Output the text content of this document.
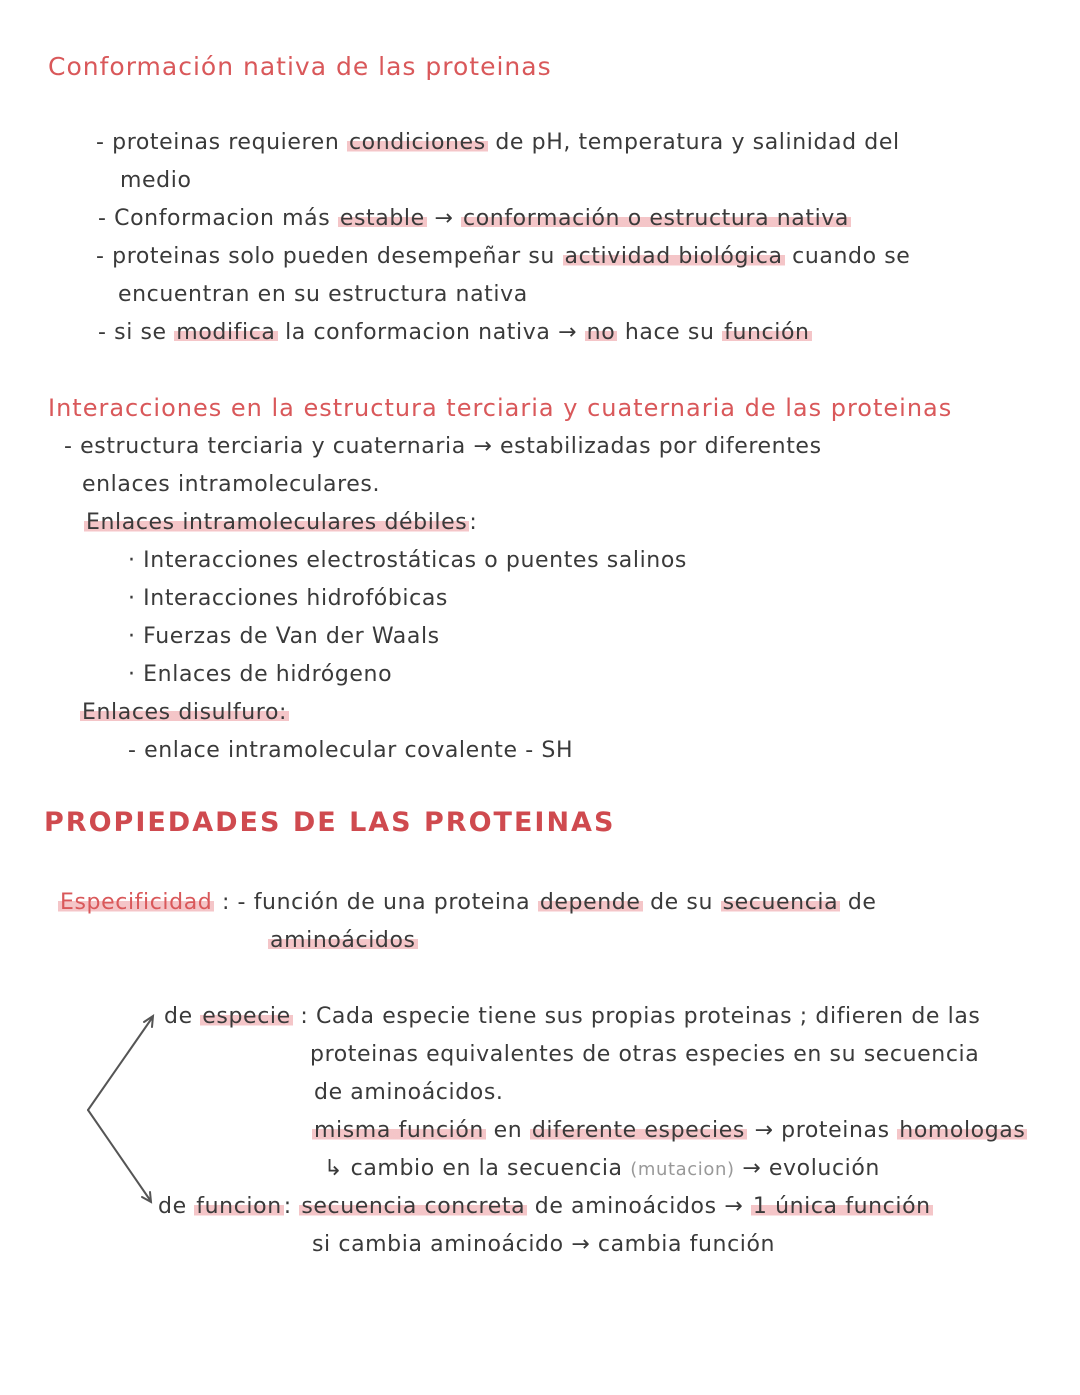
Conformación nativa de las proteinas
- proteinas requieren condiciones de pH, temperatura y salinidad del
medio
- Conformacion más estable → conformación o estructura nativa
- proteinas solo pueden desempeñar su actividad biológica cuando se
encuentran en su estructura nativa
- si se modifica la conformacion nativa → no hace su función
Interacciones en la estructura terciaria y cuaternaria de las proteinas
- estructura terciaria y cuaternaria → estabilizadas por diferentes
enlaces intramoleculares.
Enlaces intramoleculares débiles:
· Interacciones electrostáticas o puentes salinos
· Interacciones hidrofóbicas
· Fuerzas de Van der Waals
· Enlaces de hidrógeno
Enlaces disulfuro:
- enlace intramolecular covalente - SH
PROPIEDADES DE LAS PROTEINAS
Especificidad : - función de una proteina depende de su secuencia de
aminoácidos
de especie : Cada especie tiene sus propias proteinas ; difieren de las
proteinas equivalentes de otras especies en su secuencia
de aminoácidos.
misma función en diferente especies → proteinas homologas
↳ cambio en la secuencia (mutacion) → evolución
de funcion: secuencia concreta de aminoácidos → 1 única función
si cambia aminoácido → cambia función
